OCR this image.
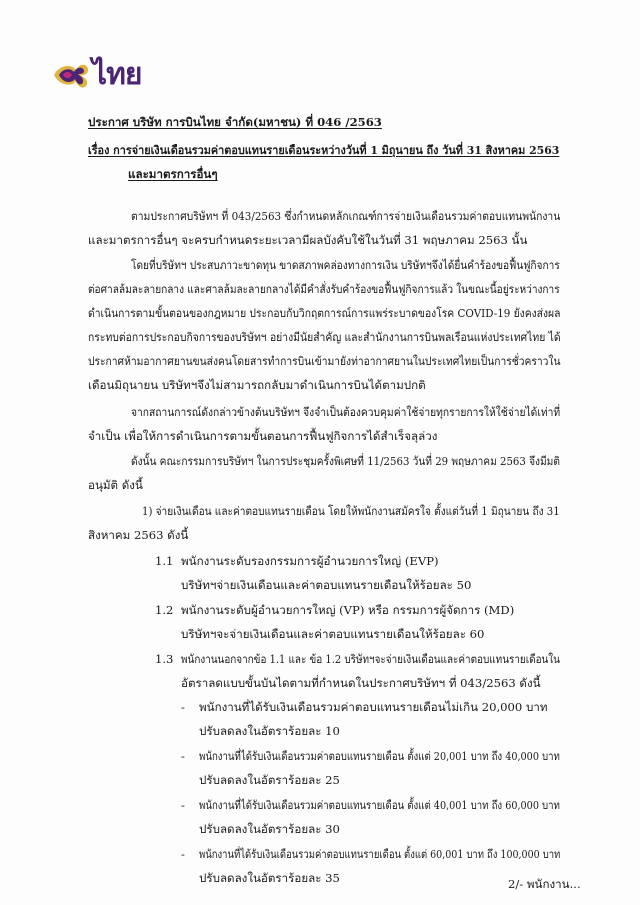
ไทย
ประกาศ บริษัท การบินไทย จำกัด(มหาชน) ที่ 046 /2563
เรื่อง การจ่ายเงินเดือนรวมค่าตอบแทนรายเดือนระหว่างวันที่ 1 มิถุนายน ถึง วันที่ 31 สิงหาคม 2563
และมาตรการอื่นๆ
ตามประกาศบริษัทฯ ที่ 043/2563 ซึ่งกำหนดหลักเกณฑ์การจ่ายเงินเดือนรวมค่าตอบแทนพนักงาน
และมาตรการอื่นๆ จะครบกำหนดระยะเวลามีผลบังคับใช้ในวันที่ 31 พฤษภาคม 2563 นั้น
โดยที่บริษัทฯ ประสบภาวะขาดทุน ขาดสภาพคล่องทางการเงิน บริษัทฯจึงได้ยื่นคำร้องขอฟื้นฟูกิจการ
ต่อศาลล้มละลายกลาง และศาลล้มละลายกลางได้มีคำสั่งรับคำร้องขอฟื้นฟูกิจการแล้ว ในขณะนี้อยู่ระหว่างการ
ดำเนินการตามขั้นตอนของกฎหมาย ประกอบกับวิกฤตการณ์การแพร่ระบาดของโรค COVID-19 ยังคงส่งผล
กระทบต่อการประกอบกิจการของบริษัทฯ อย่างมีนัยสำคัญ และสำนักงานการบินพลเรือนแห่งประเทศไทย ได้
ประกาศห้ามอากาศยานขนส่งคนโดยสารทำการบินเข้ามายังท่าอากาศยานในประเทศไทยเป็นการชั่วคราวใน
เดือนมิถุนายน บริษัทฯจึงไม่สามารถกลับมาดำเนินการบินได้ตามปกติ
จากสถานการณ์ดังกล่าวข้างต้นบริษัทฯ จึงจำเป็นต้องควบคุมค่าใช้จ่ายทุกรายการให้ใช้จ่ายได้เท่าที่
จำเป็น เพื่อให้การดำเนินการตามขั้นตอนการฟื้นฟูกิจการได้สำเร็จลุล่วง
ดังนั้น คณะกรรมการบริษัทฯ ในการประชุมครั้งพิเศษที่ 11/2563 วันที่ 29 พฤษภาคม 2563 จึงมีมติ
อนุมัติ ดังนี้
1) จ่ายเงินเดือน และค่าตอบแทนรายเดือน โดยให้พนักงานสมัครใจ ตั้งแต่วันที่ 1 มิถุนายน ถึง 31
สิงหาคม 2563 ดังนี้
1.1 พนักงานระดับรองกรรมการผู้อำนวยการใหญ่ (EVP)
บริษัทฯจ่ายเงินเดือนและค่าตอบแทนรายเดือนให้ร้อยละ 50
1.2 พนักงานระดับผู้อำนวยการใหญ่ (VP) หรือ กรรมการผู้จัดการ (MD)
บริษัทฯจะจ่ายเงินเดือนและค่าตอบแทนรายเดือนให้ร้อยละ 60
1.3 พนักงานนอกจากข้อ 1.1 และ ข้อ 1.2 บริษัทฯจะจ่ายเงินเดือนและค่าตอบแทนรายเดือนใน
อัตราลดแบบขั้นบันไดตามที่กำหนดในประกาศบริษัทฯ ที่ 043/2563 ดังนี้
- พนักงานที่ได้รับเงินเดือนรวมค่าตอบแทนรายเดือนไม่เกิน 20,000 บาท
ปรับลดลงในอัตราร้อยละ 10
- พนักงานที่ได้รับเงินเดือนรวมค่าตอบแทนรายเดือน ตั้งแต่ 20,001 บาท ถึง 40,000 บาท
ปรับลดลงในอัตราร้อยละ 25
- พนักงานที่ได้รับเงินเดือนรวมค่าตอบแทนรายเดือน ตั้งแต่ 40,001 บาท ถึง 60,000 บาท
ปรับลดลงในอัตราร้อยละ 30
- พนักงานที่ได้รับเงินเดือนรวมค่าตอบแทนรายเดือน ตั้งแต่ 60,001 บาท ถึง 100,000 บาท
ปรับลดลงในอัตราร้อยละ 35	2/- พนักงาน...
